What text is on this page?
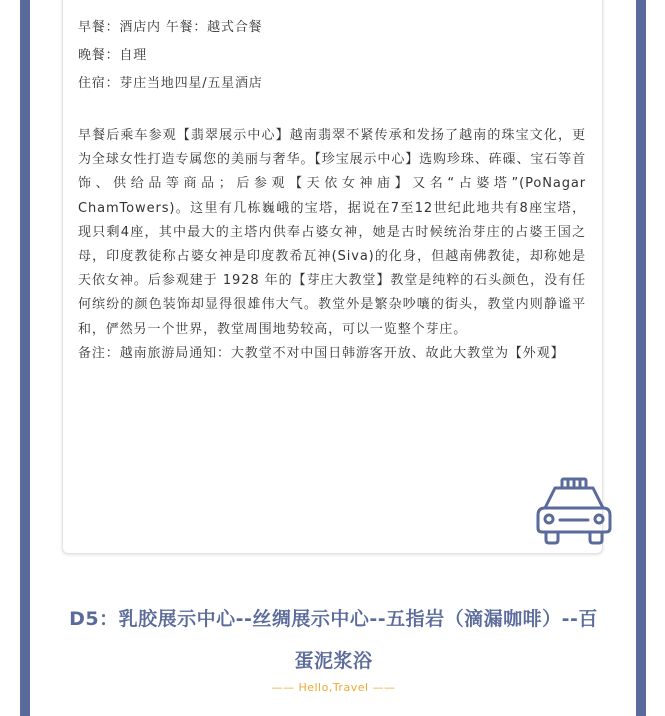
早餐：酒店内 午餐：越式合餐
晚餐：自理
住宿：芽庄当地四星/五星酒店

早餐后乘车参观【翡翠展示中心】越南翡翠不紧传承和发扬了越南的珠宝文化，更为全球女性打造专属您的美丽与奢华。【珍宝展示中心】选购珍珠、砗磲、宝石等首饰、供给品等商品；后参观【天依女神庙】又名“占婆塔”(PoNagar ChamTowers)。这里有几栋巍峨的宝塔，据说在7至12世纪此地共有8座宝塔，现只剩4座，其中最大的主塔内供奉占婆女神，她是古时候统治芽庄的占婆王国之母，印度教徒称占婆女神是印度教希瓦神(Siva)的化身，但越南佛教徒，却称她是天依女神。后参观建于 1928 年的【芽庄大教堂】教堂是纯粹的石头颜色，没有任何缤纷的颜色装饰却显得很雄伟大气。教堂外是繁杂吵嚷的街头，教堂内则静谧平和，俨然另一个世界，教堂周围地势较高，可以一览整个芽庄。
备注：越南旅游局通知：大教堂不对中国日韩游客开放、故此大教堂为【外观】

D5：乳胶展示中心--丝绸展示中心--五指岩（滴漏咖啡）--百蛋泥浆浴

—— Hello,Travel ——
